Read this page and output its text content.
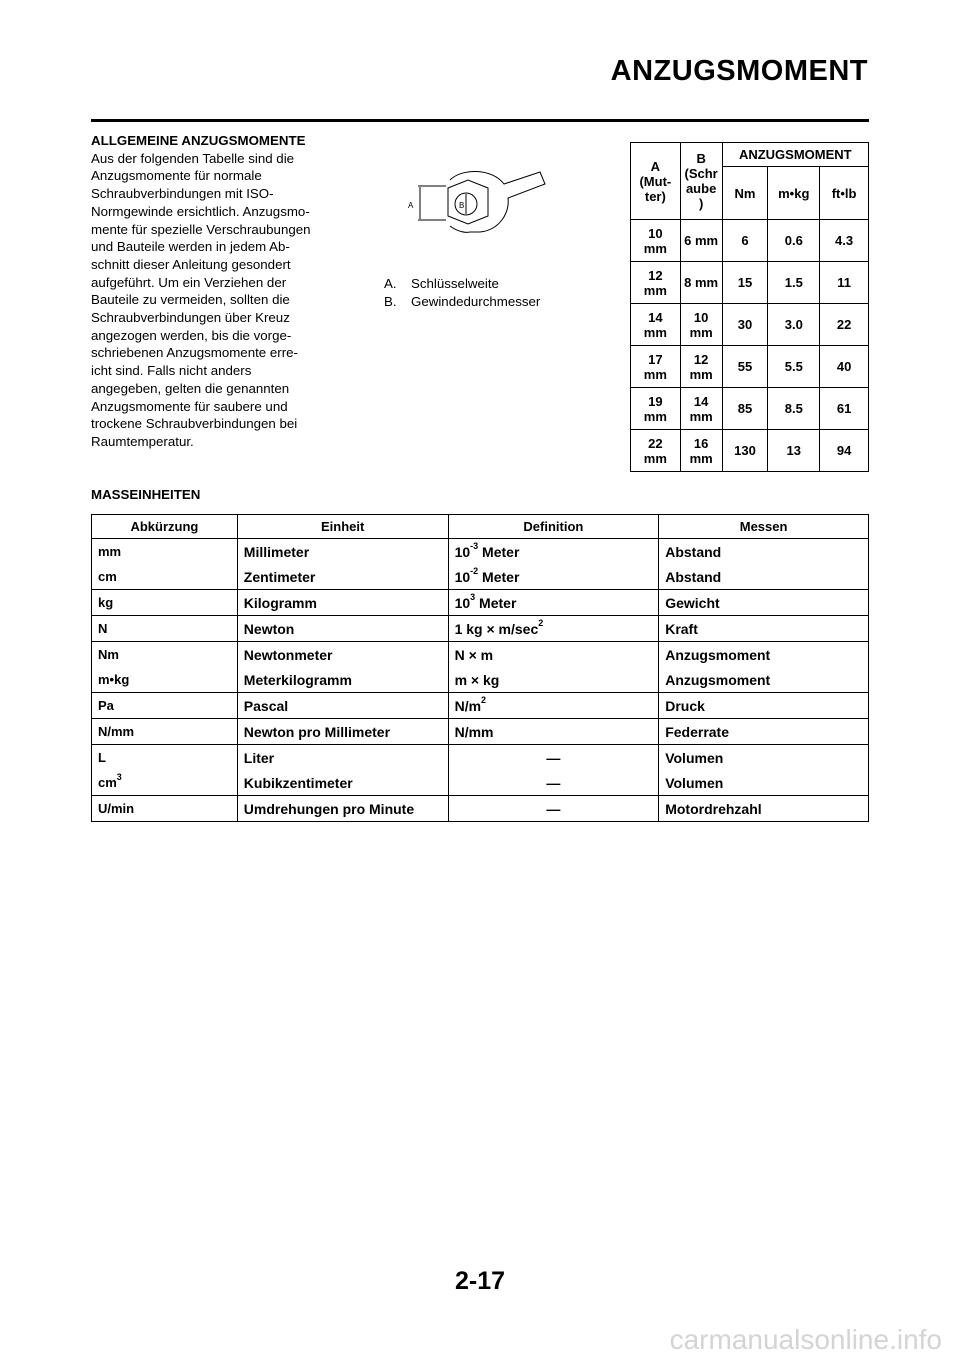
ANZUGSMOMENT
ALLGEMEINE ANZUGSMOMENTE

Aus der folgenden Tabelle sind die
Anzugsmomente für normale
Schraubverbindungen mit ISO-
Normgewinde ersichtlich. Anzugsmo-
mente für spezielle Verschraubungen
und Bauteile werden in jedem Ab-
schnitt dieser Anleitung gesondert
aufgeführt. Um ein Verziehen der
Bauteile zu vermeiden, sollten die
Schraubverbindungen über Kreuz
angezogen werden, bis die vorge-
schriebenen Anzugsmomente erre-
icht sind. Falls nicht anders
angegeben, gelten die genannten
Anzugsmomente für saubere und
trockene Schraubverbindungen bei
Raumtemperatur.

A	B
A. Schlüsselweite
B. Gewindedurchmesser
A
(Mut-
ter)	B
(Schr
aube
)	ANZUGSMOMENT		
		Nm	m•kg	ft•lb
10
mm	6 mm	6	0.6	4.3
12
mm	8 mm	15	1.5	11
14
mm	10
mm	30	3.0	22
17
mm	12
mm	55	5.5	40
19
mm	14
mm	85	8.5	61
22
mm	16
mm	130	13	94
MASSEINHEITEN
Abkürzung	Einheit	Definition	Messen
mm	Millimeter	$10^{-3}$ Meter	Abstand
cm	Zentimeter	$10^{-2}$ Meter	Abstand
kg	Kilogramm	$10^3$ Meter	Gewicht
N	Newton	1 kg × $m/\sec^2$	Kraft
Nm	Newtonmeter	N × m	Anzugsmoment
m•kg	Meterkilogramm	m × kg	Anzugsmoment
Pa	Pascal	$N/m^2$	Druck
N/mm	Newton pro Millimeter	N/mm	Federrate
L	Liter	—	Volumen
$cm^3$	Kubikzentimeter	—	Volumen
U/min	Umdrehungen pro Minute	—	Motordrehzahl
2-17
carmanualsonline.info
